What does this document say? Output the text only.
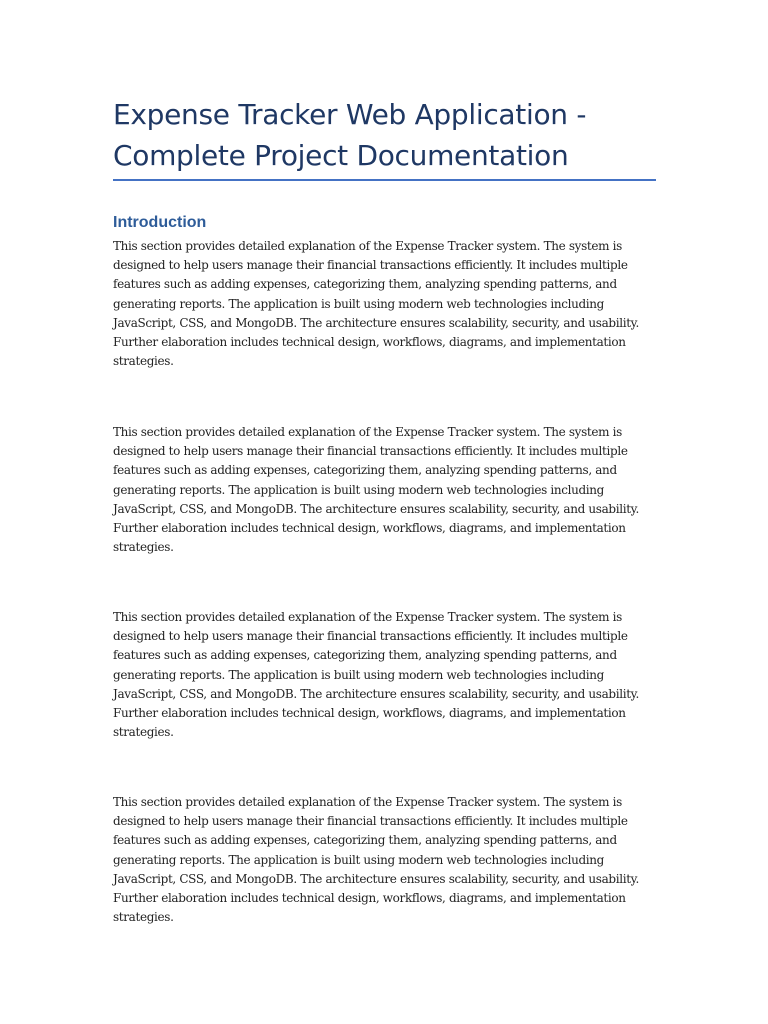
Expense Tracker Web Application - Complete Project Documentation
Introduction

This section provides detailed explanation of the Expense Tracker system. The system is designed to help users manage their financial transactions efficiently. It includes multiple features such as adding expenses, categorizing them, analyzing spending patterns, and generating reports. The application is built using modern web technologies including JavaScript, CSS, and MongoDB. The architecture ensures scalability, security, and usability. Further elaboration includes technical design, workflows, diagrams, and implementation strategies.

This section provides detailed explanation of the Expense Tracker system. The system is designed to help users manage their financial transactions efficiently. It includes multiple features such as adding expenses, categorizing them, analyzing spending patterns, and generating reports. The application is built using modern web technologies including JavaScript, CSS, and MongoDB. The architecture ensures scalability, security, and usability. Further elaboration includes technical design, workflows, diagrams, and implementation strategies.

This section provides detailed explanation of the Expense Tracker system. The system is designed to help users manage their financial transactions efficiently. It includes multiple features such as adding expenses, categorizing them, analyzing spending patterns, and generating reports. The application is built using modern web technologies including JavaScript, CSS, and MongoDB. The architecture ensures scalability, security, and usability. Further elaboration includes technical design, workflows, diagrams, and implementation strategies.

This section provides detailed explanation of the Expense Tracker system. The system is designed to help users manage their financial transactions efficiently. It includes multiple features such as adding expenses, categorizing them, analyzing spending patterns, and generating reports. The application is built using modern web technologies including JavaScript, CSS, and MongoDB. The architecture ensures scalability, security, and usability. Further elaboration includes technical design, workflows, diagrams, and implementation strategies.
